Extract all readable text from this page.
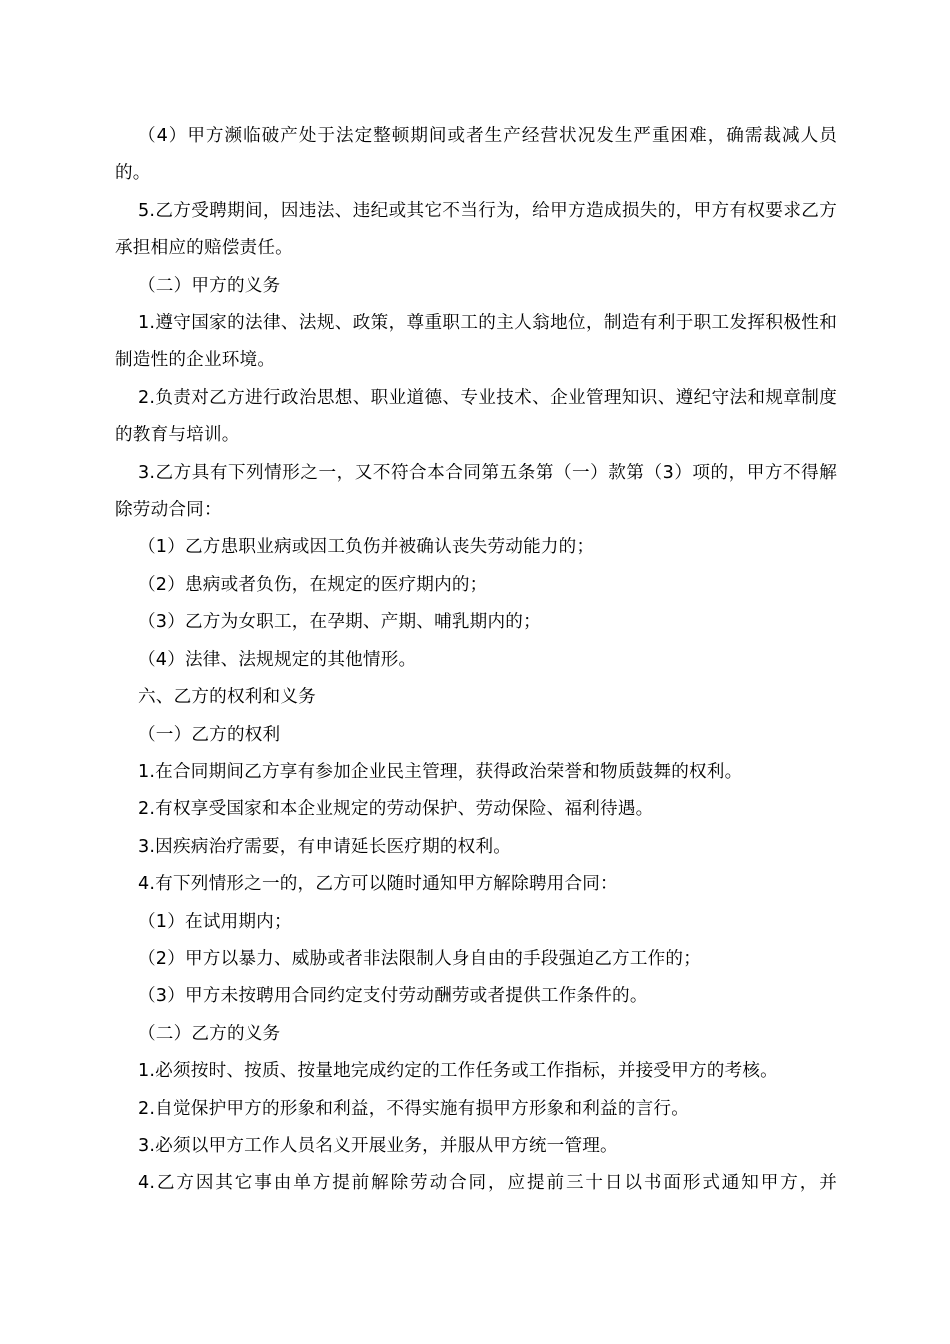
（4）甲方濒临破产处于法定整顿期间或者生产经营状况发生严重困难，确需裁减人员的。

5.乙方受聘期间，因违法、违纪或其它不当行为，给甲方造成损失的，甲方有权要求乙方承担相应的赔偿责任。

（二）甲方的义务

1.遵守国家的法律、法规、政策，尊重职工的主人翁地位，制造有利于职工发挥积极性和制造性的企业环境。

2.负责对乙方进行政治思想、职业道德、专业技术、企业管理知识、遵纪守法和规章制度的教育与培训。

3.乙方具有下列情形之一，又不符合本合同第五条第（一）款第（3）项的，甲方不得解除劳动合同：

（1）乙方患职业病或因工负伤并被确认丧失劳动能力的；

（2）患病或者负伤，在规定的医疗期内的；

（3）乙方为女职工，在孕期、产期、哺乳期内的；

（4）法律、法规规定的其他情形。

六、乙方的权利和义务

（一）乙方的权利

1.在合同期间乙方享有参加企业民主管理，获得政治荣誉和物质鼓舞的权利。

2.有权享受国家和本企业规定的劳动保护、劳动保险、福利待遇。

3.因疾病治疗需要，有申请延长医疗期的权利。

4.有下列情形之一的，乙方可以随时通知甲方解除聘用合同：

（1）在试用期内；

（2）甲方以暴力、威胁或者非法限制人身自由的手段强迫乙方工作的；

（3）甲方未按聘用合同约定支付劳动酬劳或者提供工作条件的。

（二）乙方的义务

1.必须按时、按质、按量地完成约定的工作任务或工作指标，并接受甲方的考核。

2.自觉保护甲方的形象和利益，不得实施有损甲方形象和利益的言行。

3.必须以甲方工作人员名义开展业务，并服从甲方统一管理。

4.乙方因其它事由单方提前解除劳动合同，应提前三十日以书面形式通知甲方，并
